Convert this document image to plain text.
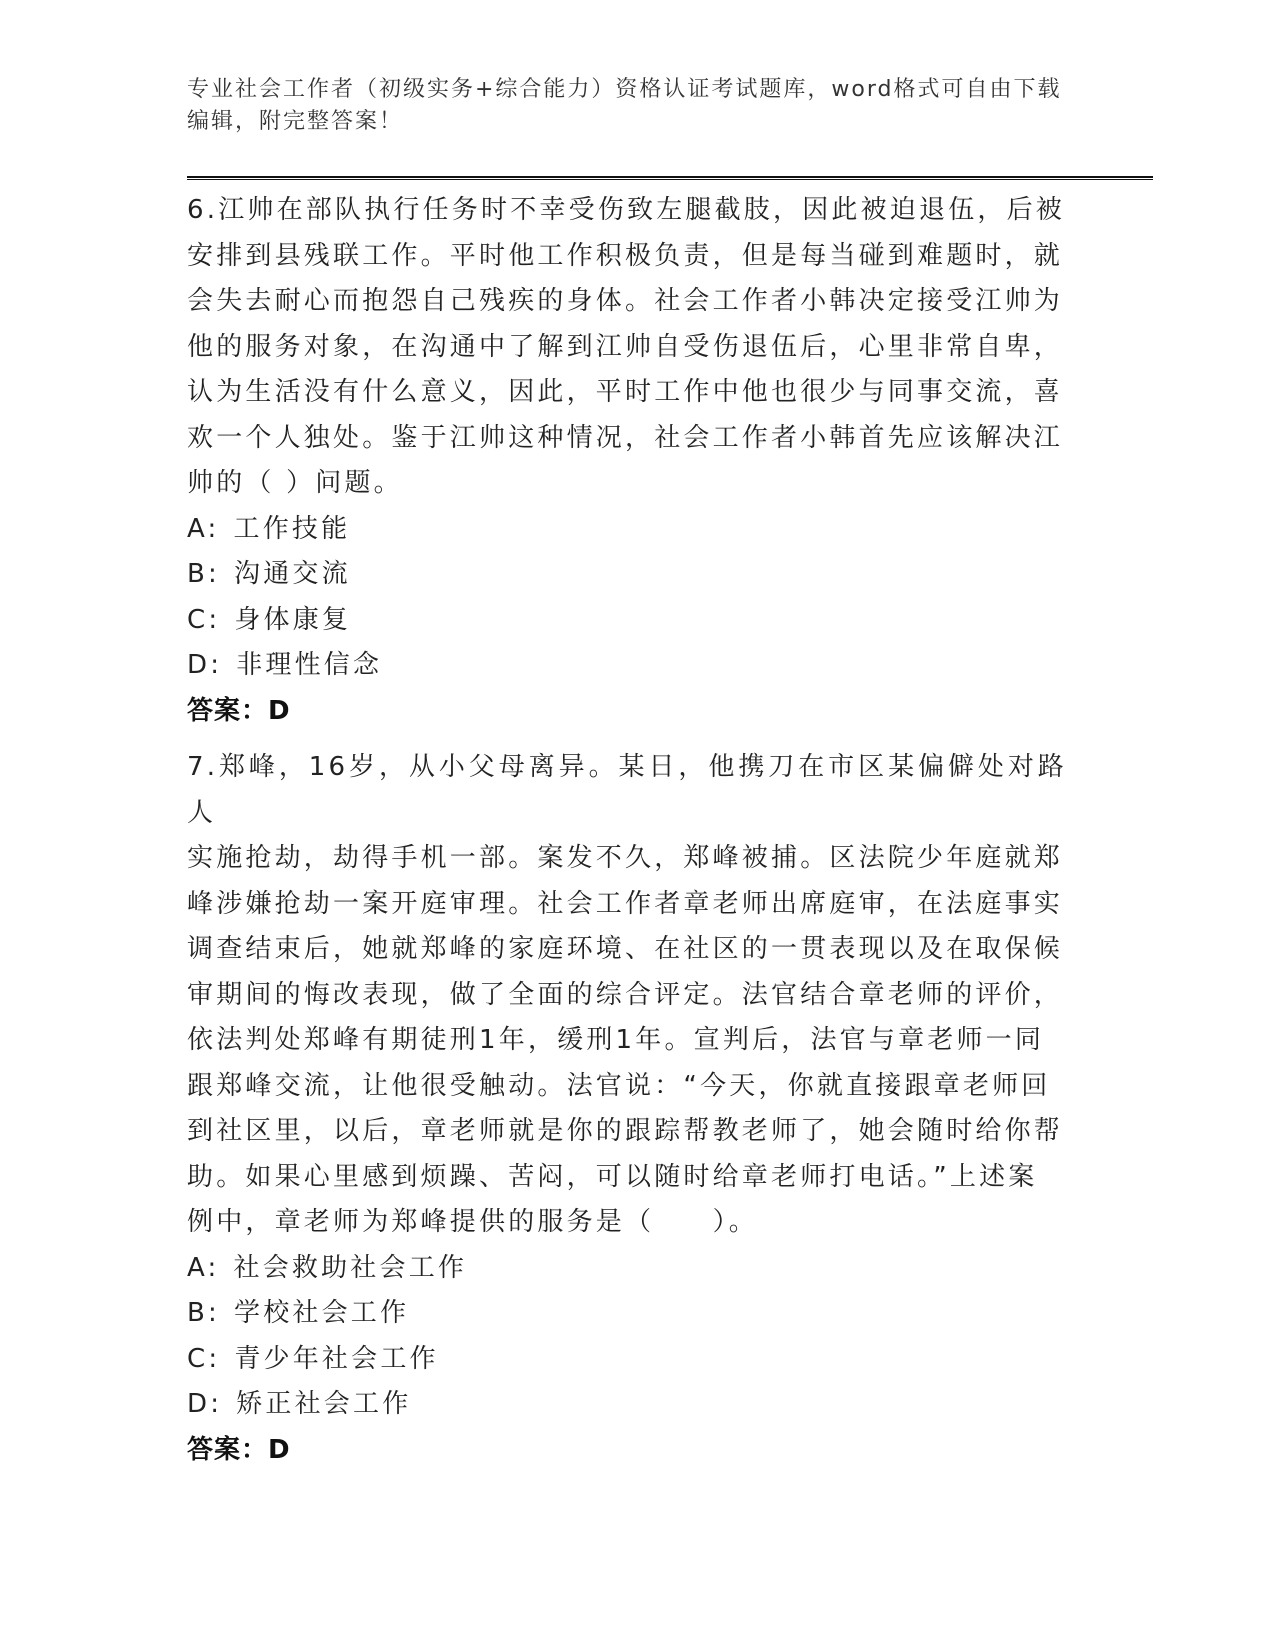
专业社会工作者（初级实务+综合能力）资格认证考试题库，word格式可自由下载
编辑，附完整答案！
6.江帅在部队执行任务时不幸受伤致左腿截肢，因此被迫退伍，后被
安排到县残联工作。平时他工作积极负责，但是每当碰到难题时，就
会失去耐心而抱怨自己残疾的身体。社会工作者小韩决定接受江帅为
他的服务对象，在沟通中了解到江帅自受伤退伍后，心里非常自卑，
认为生活没有什么意义，因此，平时工作中他也很少与同事交流，喜
欢一个人独处。鉴于江帅这种情况，社会工作者小韩首先应该解决江
帅的（ ）问题。
A: 工作技能
B: 沟通交流
C: 身体康复
D: 非理性信念
答案：D
7.郑峰，16岁，从小父母离异。某日，他携刀在市区某偏僻处对路人
实施抢劫，劫得手机一部。案发不久，郑峰被捕。区法院少年庭就郑
峰涉嫌抢劫一案开庭审理。社会工作者章老师出席庭审，在法庭事实
调查结束后，她就郑峰的家庭环境、在社区的一贯表现以及在取保候
审期间的悔改表现，做了全面的综合评定。法官结合章老师的评价，
依法判处郑峰有期徒刑1年，缓刑1年。宣判后，法官与章老师一同
跟郑峰交流，让他很受触动。法官说：“今天，你就直接跟章老师回
到社区里，以后，章老师就是你的跟踪帮教老师了，她会随时给你帮
助。如果心里感到烦躁、苦闷，可以随时给章老师打电话。”上述案
例中，章老师为郑峰提供的服务是（　　）。
A: 社会救助社会工作
B: 学校社会工作
C: 青少年社会工作
D: 矫正社会工作
答案：D
